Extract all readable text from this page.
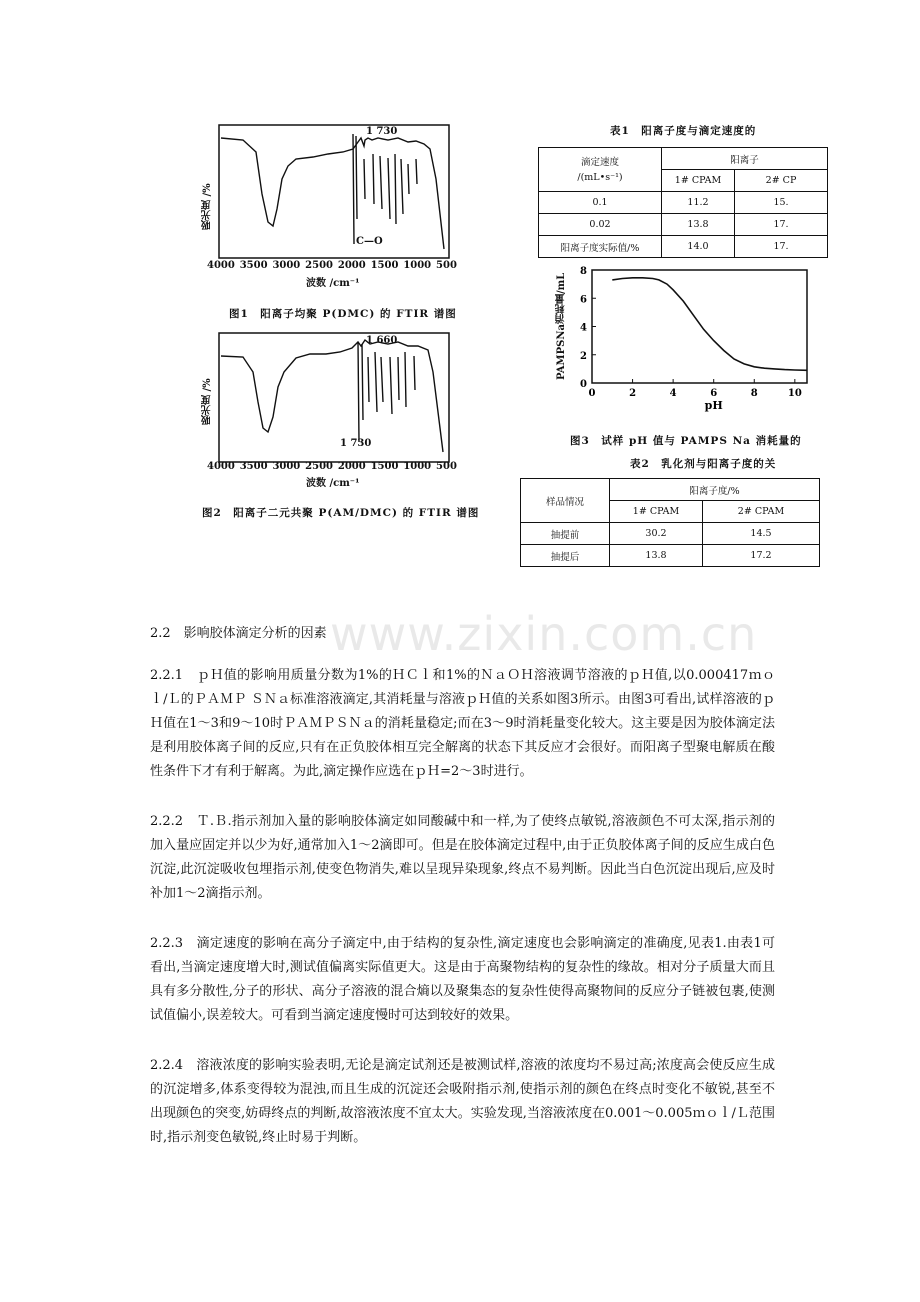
www.zixin.com.cn
吸光度 /%
1 730
C—O
4000 3500 3000 2500 2000 1500 1000 500
波数 /cm⁻¹
图1　阳离子均聚 P(DMC) 的 FTIR 谱图
吸光度 /%
1 660
1 730
4000 3500 3000 2500 2000 1500 1000 500
波数 /cm⁻¹
图2　阳离子二元共聚 P(AM/DMC) 的 FTIR 谱图
表1　阳离子度与滴定速度的
滴定速度
/(mL•s⁻¹)	阳离子	
	1# CPAM	2# CP
0.1	11.2	15.
0.02	13.8	17.
阳离子度实际值/%	14.0	17.
PAMPSNa消耗量/mL
0	2	4	6	8	10
0
2
4
6
8
pH
图3　试样 pH 值与 PAMPS Na 消耗量的
表2　乳化剂与阳离子度的关
样品情况	阳离子度/%	
	1# CPAM	2# CPAM
抽提前	30.2	14.5
抽提后	13.8	17.2
2.2　影响胶体滴定分析的因素

2.2.1　ｐＨ值的影响用质量分数为1%的ＨＣｌ和1%的ＮａＯＨ溶液调节溶液的ｐＨ值,以0.000417ｍｏｌ/Ｌ的ＰＡＭＰ ＳＮａ标准溶液滴定,其消耗量与溶液ｐＨ值的关系如图3所示。由图3可看出,试样溶液的ｐＨ值在1～3和9～10时ＰＡＭＰＳＮａ的消耗量稳定;而在3～9时消耗量变化较大。这主要是因为胶体滴定法是利用胶体离子间的反应,只有在正负胶体相互完全解离的状态下其反应才会很好。而阳离子型聚电解质在酸性条件下才有利于解离。为此,滴定操作应选在ｐＨ=2～3时进行。

2.2.2　Ｔ.Ｂ.指示剂加入量的影响胶体滴定如同酸碱中和一样,为了使终点敏锐,溶液颜色不可太深,指示剂的加入量应固定并以少为好,通常加入1～2滴即可。但是在胶体滴定过程中,由于正负胶体离子间的反应生成白色沉淀,此沉淀吸收包埋指示剂,使变色物消失,难以呈现异染现象,终点不易判断。因此当白色沉淀出现后,应及时补加1～2滴指示剂。

2.2.3　滴定速度的影响在高分子滴定中,由于结构的复杂性,滴定速度也会影响滴定的准确度,见表1.由表1可看出,当滴定速度增大时,测试值偏离实际值更大。这是由于高聚物结构的复杂性的缘故。相对分子质量大而且具有多分散性,分子的形状、高分子溶液的混合熵以及聚集态的复杂性使得高聚物间的反应分子链被包裹,使测试值偏小,误差较大。可看到当滴定速度慢时可达到较好的效果。

2.2.4　溶液浓度的影响实验表明,无论是滴定试剂还是被测试样,溶液的浓度均不易过高;浓度高会使反应生成的沉淀增多,体系变得较为混浊,而且生成的沉淀还会吸附指示剂,使指示剂的颜色在终点时变化不敏锐,甚至不出现颜色的突变,妨碍终点的判断,故溶液浓度不宜太大。实验发现,当溶液浓度在0.001～0.005ｍｏｌ/Ｌ范围时,指示剂变色敏锐,终止时易于判断。
